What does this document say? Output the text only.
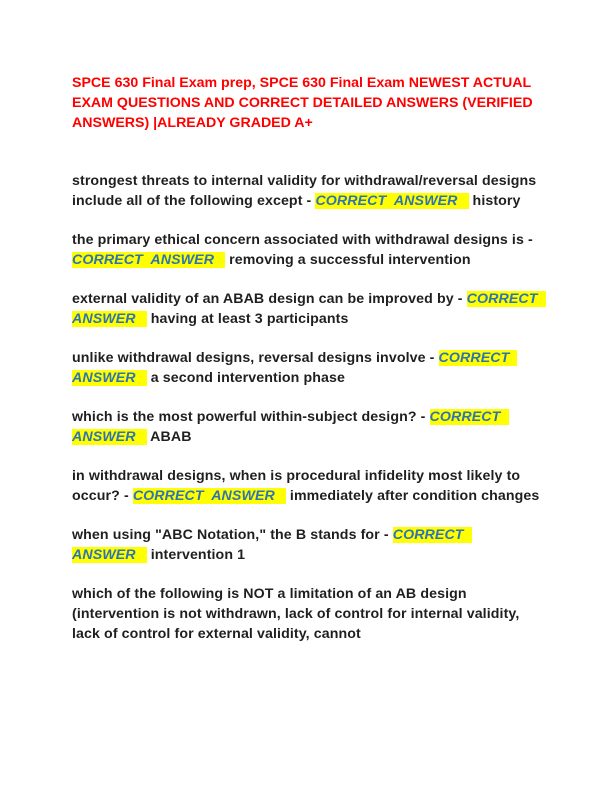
SPCE 630 Final Exam prep, SPCE 630 Final Exam NEWEST ACTUAL EXAM QUESTIONS AND CORRECT DETAILED ANSWERS (VERIFIED ANSWERS) |ALREADY GRADED A+

strongest threats to internal validity for withdrawal/reversal designs include all of the following except - CORRECT  ANSWER history

the primary ethical concern associated with withdrawal designs is - CORRECT  ANSWER removing a successful intervention

external validity of an ABAB design can be improved by - CORRECT  ANSWER having at least 3 participants

unlike withdrawal designs, reversal designs involve - CORRECT  ANSWER a second intervention phase

which is the most powerful within-subject design? - CORRECT  ANSWER ABAB

in withdrawal designs, when is procedural infidelity most likely to occur? - CORRECT  ANSWER immediately after condition changes

when using "ABC Notation," the B stands for - CORRECT  ANSWER intervention 1

which of the following is NOT a limitation of an AB design (intervention is not withdrawn, lack of control for internal validity, lack of control for external validity, cannot
